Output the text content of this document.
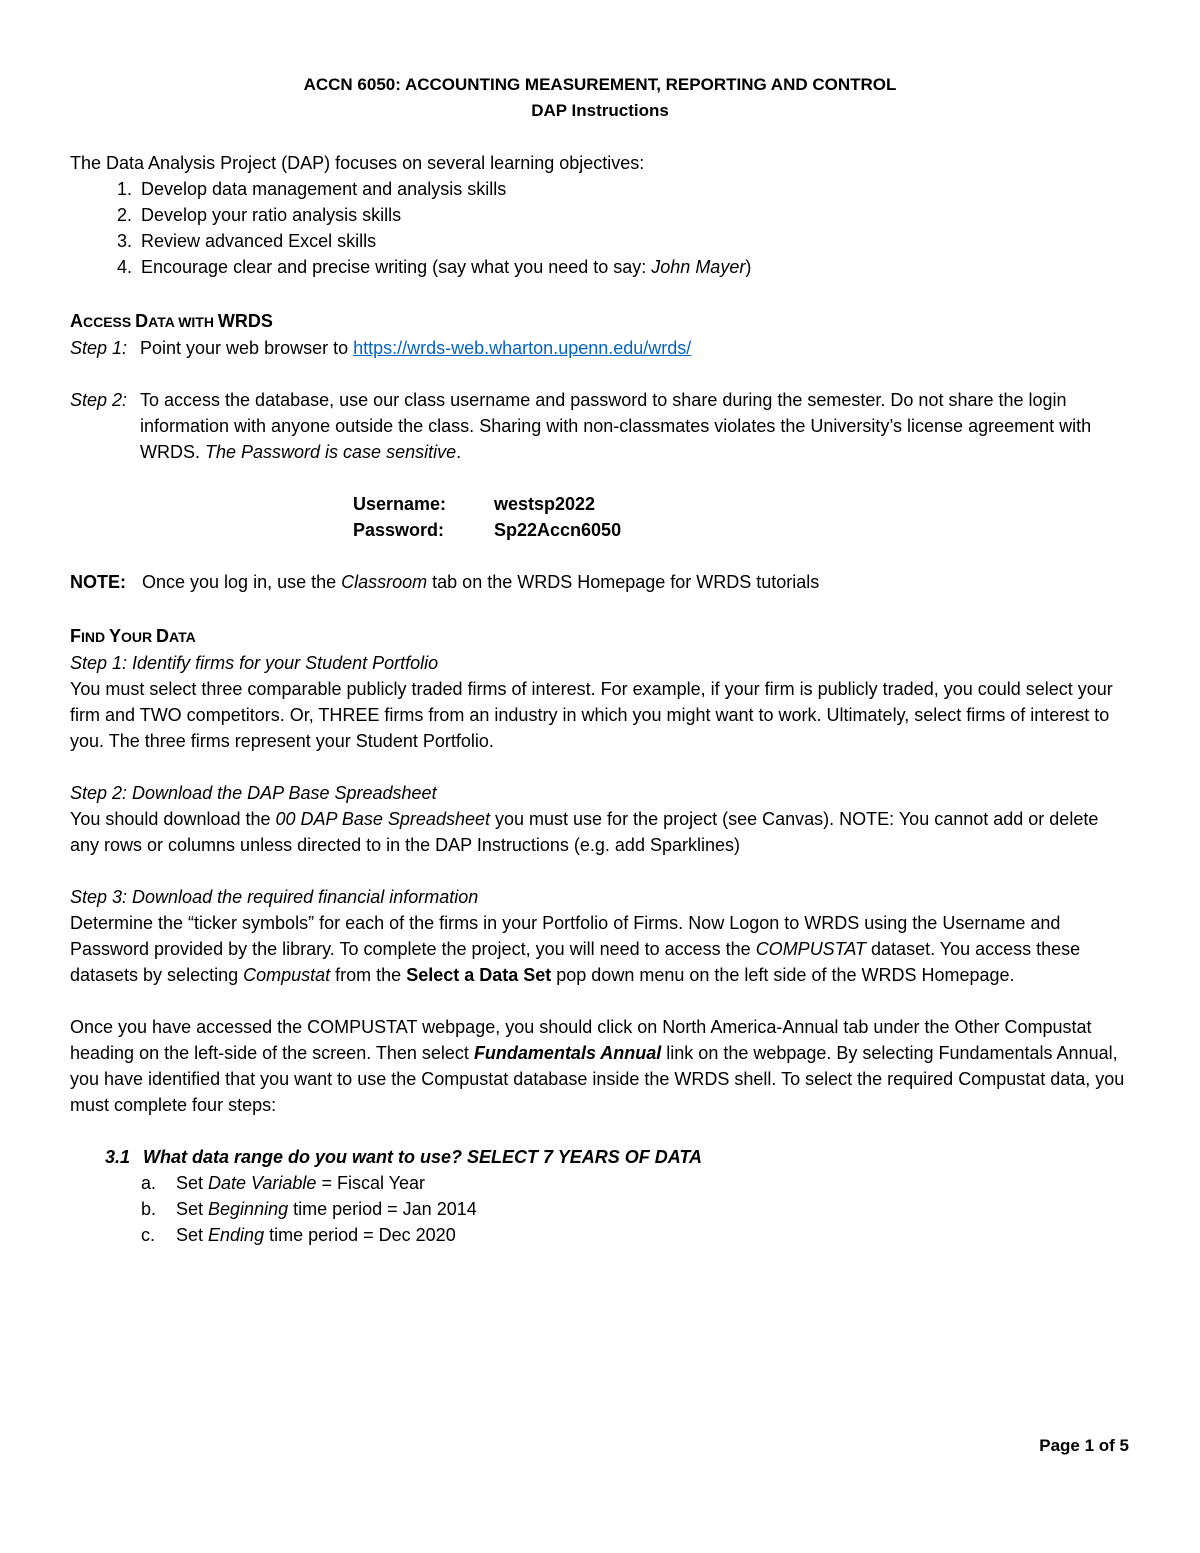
ACCN 6050: ACCOUNTING MEASUREMENT, REPORTING AND CONTROL
DAP Instructions
The Data Analysis Project (DAP) focuses on several learning objectives:
1. Develop data management and analysis skills
2. Develop your ratio analysis skills
3. Review advanced Excel skills
4. Encourage clear and precise writing (say what you need to say: John Mayer)
ACCESS DATA WITH WRDS
Step 1: Point your web browser to https://wrds-web.wharton.upenn.edu/wrds/
Step 2: To access the database, use our class username and password to share during the semester. Do not share the login information with anyone outside the class. Sharing with non-classmates violates the University’s license agreement with WRDS. The Password is case sensitive.
Username:	westsp2022
Password:	Sp22Accn6050
NOTE: Once you log in, use the Classroom tab on the WRDS Homepage for WRDS tutorials
FIND YOUR DATA
Step 1: Identify firms for your Student Portfolio
You must select three comparable publicly traded firms of interest. For example, if your firm is publicly traded, you could select your firm and TWO competitors. Or, THREE firms from an industry in which you might want to work. Ultimately, select firms of interest to you. The three firms represent your Student Portfolio.
Step 2: Download the DAP Base Spreadsheet
You should download the 00 DAP Base Spreadsheet you must use for the project (see Canvas). NOTE: You cannot add or delete any rows or columns unless directed to in the DAP Instructions (e.g. add Sparklines)
Step 3: Download the required financial information
Determine the “ticker symbols” for each of the firms in your Portfolio of Firms. Now Logon to WRDS using the Username and Password provided by the library. To complete the project, you will need to access the COMPUSTAT dataset. You access these datasets by selecting Compustat from the Select a Data Set pop down menu on the left side of the WRDS Homepage.
Once you have accessed the COMPUSTAT webpage, you should click on North America-Annual tab under the Other Compustat heading on the left-side of the screen. Then select Fundamentals Annual link on the webpage. By selecting Fundamentals Annual, you have identified that you want to use the Compustat database inside the WRDS shell. To select the required Compustat data, you must complete four steps:
3.1 What data range do you want to use? SELECT 7 YEARS OF DATA
a. Set Date Variable = Fiscal Year
b. Set Beginning time period = Jan 2014
c. Set Ending time period = Dec 2020
Page 1 of 5
